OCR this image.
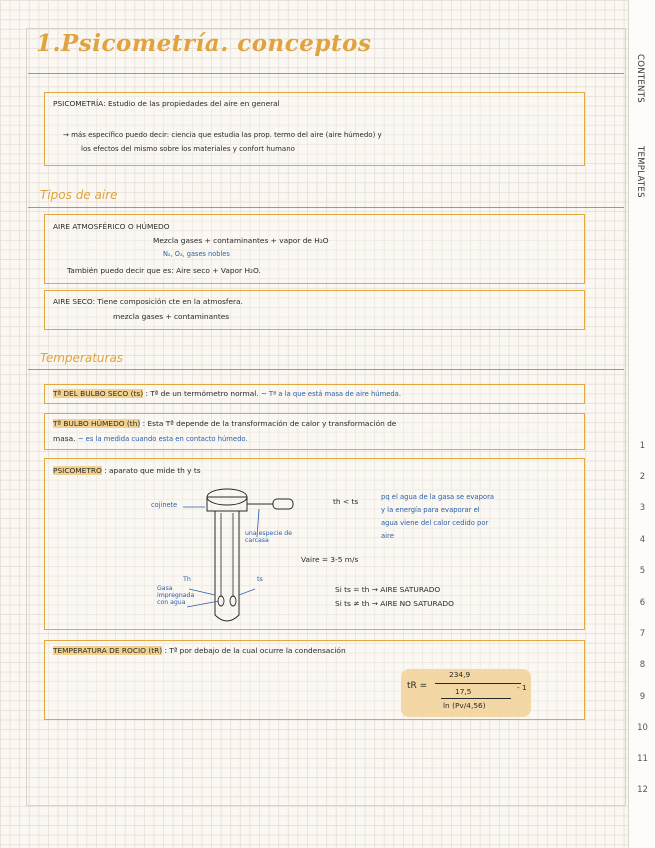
1.Psicometría. conceptos
PSICOMETRÍA: Estudio de las propiedades del aire en general
→ más específico puedo decir: ciencia que estudia las prop. termo del aire (aire húmedo) y
los efectos del mismo sobre los materiales y confort humano
Tipos de aire
AIRE ATMOSFÉRICO O HÚMEDO
Mezcla gases + contaminantes + vapor de H₂O
N₂, O₂, gases nobles
También puedo decir que es: Aire seco + Vapor H₂O.
AIRE SECO: Tiene composición cte en la atmosfera.
mezcla gases + contaminantes
Temperaturas
Tª DEL BULBO SECO (ts) : Tª de un termómetro normal. ~ Tª a la que está masa de aire húmeda.
Tª BULBO HÚMEDO (th) : Esta Tª depende de la transformación de calor y transformación de
masa. ~ es la medida cuando esta en contacto húmedo.
PSICOMETRO : aparato que mide th y ts
cojinete
una especie de carcasa
Th	ts
Gasa impregnada con agua
th < ts	pq el agua de la gasa se evapora
y la energía para evaporar el
agua viene del calor cedido por
aire
Vaire = 3-5 m/s
Si ts = th → AIRE SATURADO
Si ts ≠ th → AIRE NO SATURADO
TEMPERATURA DE ROCIO (tR) : Tª por debajo de la cual ocurre la condensación
tR =
234,9
17,5
ln (Pv/4,56)
- 1
CONTENTS
TEMPLATES
1
2
3
4
5
6
7
8
9
10
11
12
